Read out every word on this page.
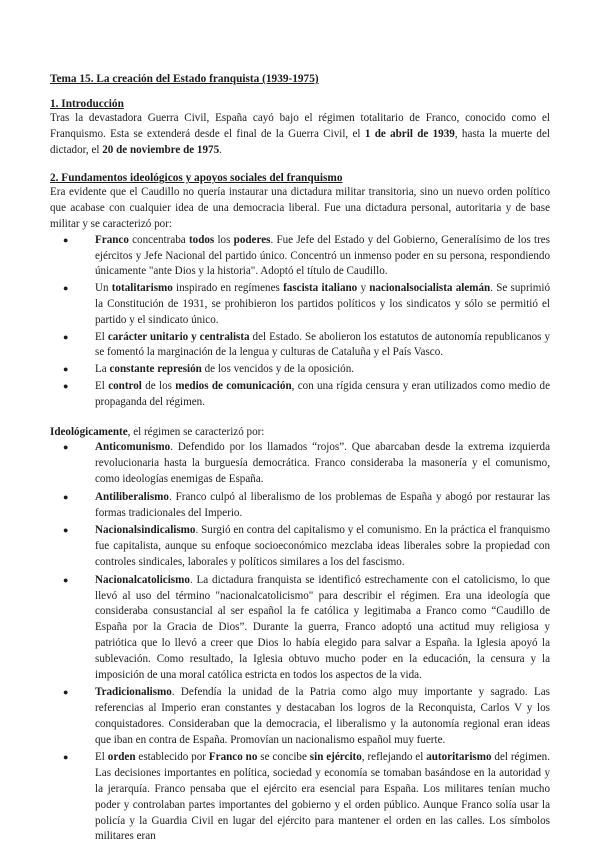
Tema 15. La creación del Estado franquista (1939-1975)
1. Introducción

Tras la devastadora Guerra Civil, España cayó bajo el régimen totalitario de Franco, conocido como el Franquismo. Esta se extenderá desde el final de la Guerra Civil, el 1 de abril de 1939, hasta la muerte del dictador, el 20 de noviembre de 1975.

2. Fundamentos ideológicos y apoyos sociales del franquismo

Era evidente que el Caudillo no quería instaurar una dictadura militar transitoria, sino un nuevo orden político que acabase con cualquier idea de una democracia liberal. Fue una dictadura personal, autoritaria y de base militar y se caracterizó por:

● Franco concentraba todos los poderes. Fue Jefe del Estado y del Gobierno, Generalísimo de los tres ejércitos y Jefe Nacional del partido único. Concentró un inmenso poder en su persona, respondiendo únicamente "ante Dios y la historia". Adoptó el título de Caudillo.

● Un totalitarismo inspirado en regímenes fascista italiano y nacionalsocialista alemán. Se suprimió la Constitución de 1931, se prohibieron los partidos políticos y los sindicatos y sólo se permitió el partido y el sindicato único.

● El carácter unitario y centralista del Estado. Se abolieron los estatutos de autonomía republicanos y se fomentó la marginación de la lengua y culturas de Cataluña y el País Vasco.

● La constante represión de los vencidos y de la oposición.

● El control de los medios de comunicación, con una rígida censura y eran utilizados como medio de propaganda del régimen.

Ideológicamente, el régimen se caracterizó por:

● Anticomunismo. Defendido por los llamados “rojos”. Que abarcaban desde la extrema izquierda revolucionaria hasta la burguesía democrática. Franco consideraba la masonería y el comunismo, como ideologías enemigas de España.

● Antiliberalismo. Franco culpó al liberalismo de los problemas de España y abogó por restaurar las formas tradicionales del Imperio.

● Nacionalsindicalismo. Surgió en contra del capitalismo y el comunismo. En la práctica el franquismo fue capitalista, aunque su enfoque socioeconómico mezclaba ideas liberales sobre la propiedad con controles sindicales, laborales y políticos similares a los del fascismo.

● Nacionalcatolicismo. La dictadura franquista se identificó estrechamente con el catolicismo, lo que llevó al uso del término "nacionalcatolicismo" para describir el régimen. Era una ideología que consideraba consustancial al ser español la fe católica y legitimaba a Franco como “Caudillo de España por la Gracia de Dios”. Durante la guerra, Franco adoptó una actitud muy religiosa y patriótica que lo llevó a creer que Dios lo había elegido para salvar a España. la Iglesia apoyó la sublevación. Como resultado, la Iglesia obtuvo mucho poder en la educación, la censura y la imposición de una moral católica estricta en todos los aspectos de la vida.

● Tradicionalismo. Defendía la unidad de la Patria como algo muy importante y sagrado. Las referencias al Imperio eran constantes y destacaban los logros de la Reconquista, Carlos V y los conquistadores. Consideraban que la democracia, el liberalismo y la autonomía regional eran ideas que iban en contra de España. Promovían un nacionalismo español muy fuerte.

● El orden establecido por Franco no se concibe sin ejército, reflejando el autoritarismo del régimen. Las decisiones importantes en política, sociedad y economía se tomaban basándose en la autoridad y la jerarquía. Franco pensaba que el ejército era esencial para España. Los militares tenían mucho poder y controlaban partes importantes del gobierno y el orden público. Aunque Franco solía usar la policía y la Guardia Civil en lugar del ejército para mantener el orden en las calles. Los símbolos militares eran
